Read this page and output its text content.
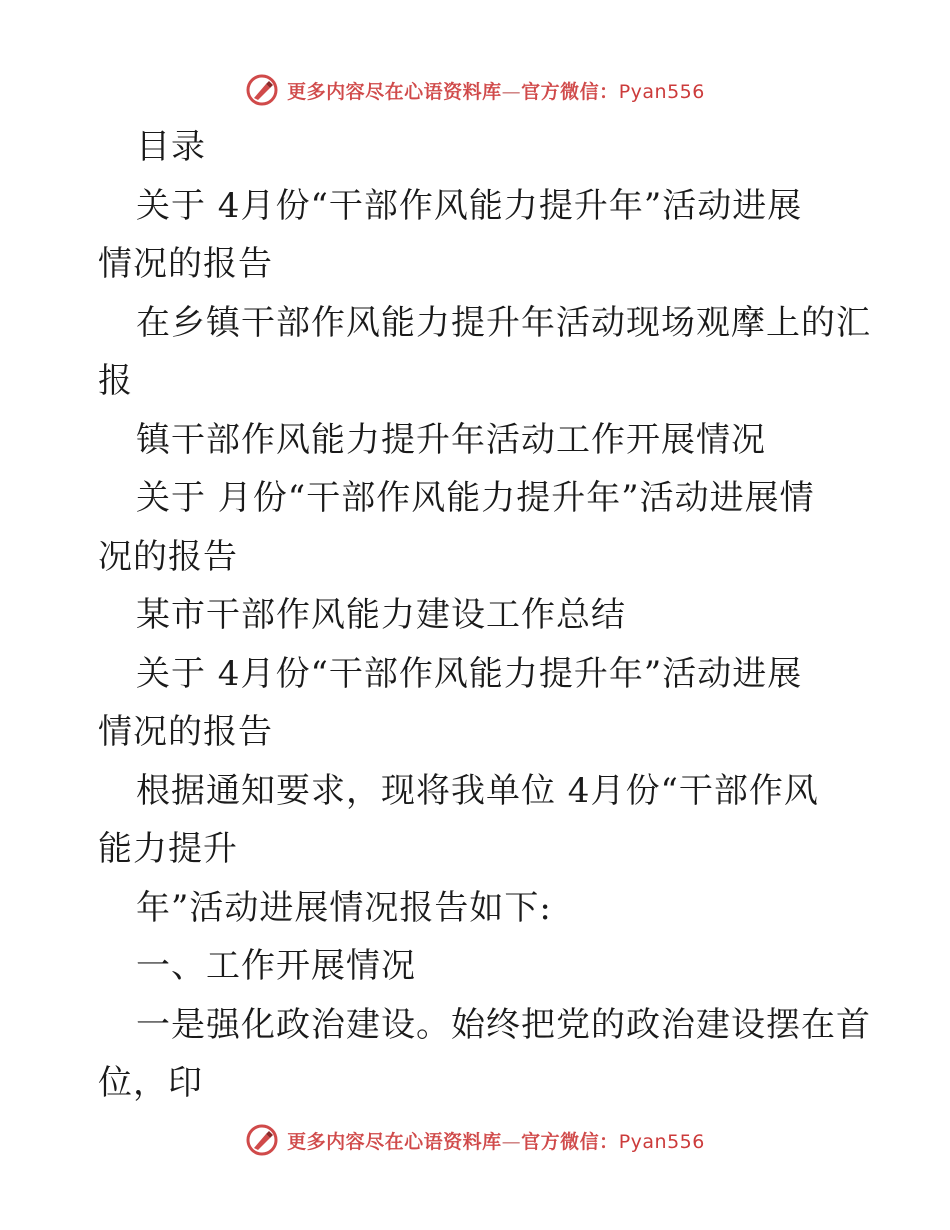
更多内容尽在心语资料库—官方微信：Pyan556
目录
关于 4月份“干部作风能力提升年”活动进展
情况的报告
在乡镇干部作风能力提升年活动现场观摩上的汇
报
镇干部作风能力提升年活动工作开展情况
关于 月份“干部作风能力提升年”活动进展情
况的报告
某市干部作风能力建设工作总结
关于 4月份“干部作风能力提升年”活动进展
情况的报告
根据通知要求，现将我单位 4月份“干部作风
能力提升
年”活动进展情况报告如下:
一、工作开展情况
一是强化政治建设。始终把党的政治建设摆在首
位，印
更多内容尽在心语资料库—官方微信：Pyan556
